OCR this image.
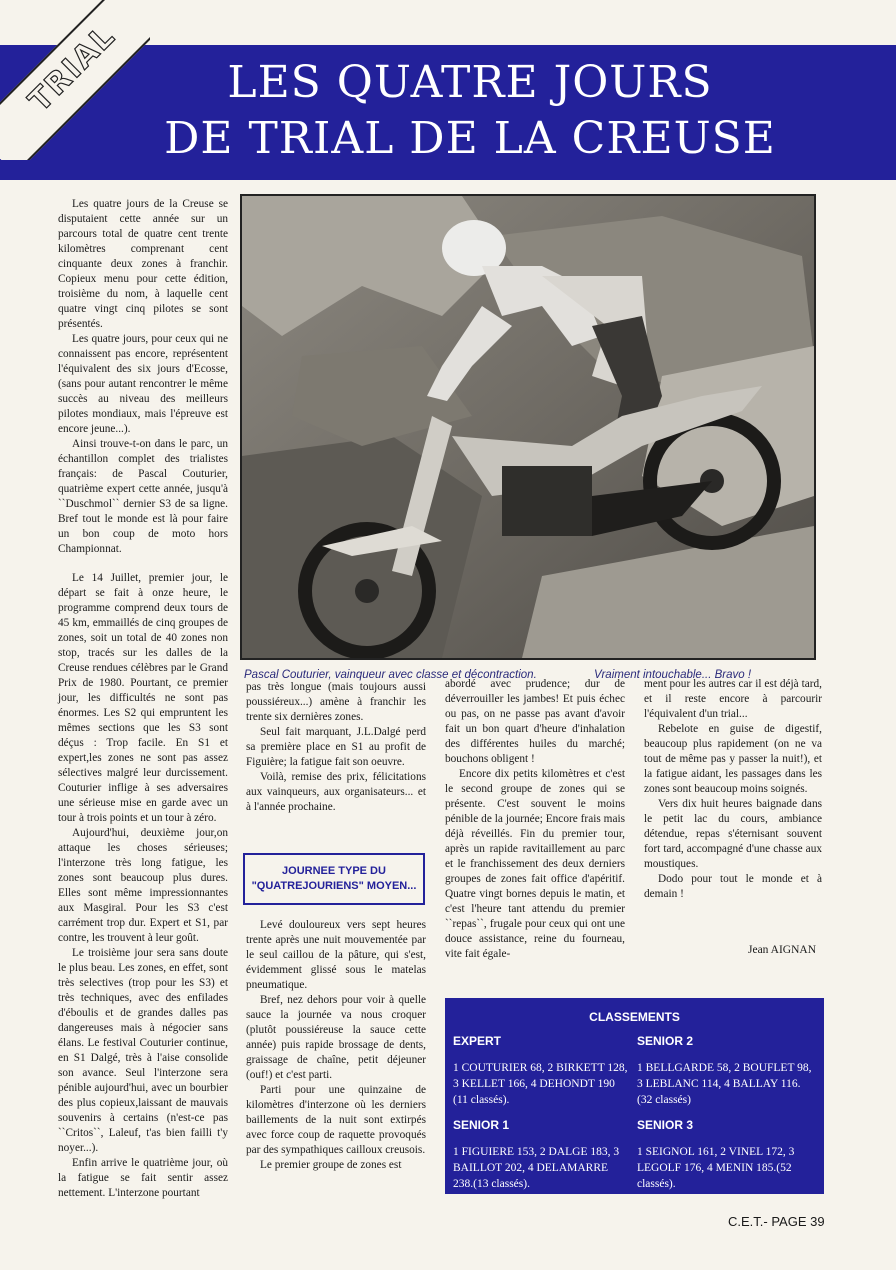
LES QUATRE JOURS
DE TRIAL DE LA CREUSE
TRIAL
Pascal Couturier, vainqueur avec classe et décontraction.	Vraiment intouchable... Bravo !

Les quatre jours de la Creuse se disputaient cette année sur un parcours total de quatre cent trente kilomètres comprenant cent cinquante deux zones à franchir. Copieux menu pour cette édition, troisième du nom, à laquelle cent quatre vingt cinq pilotes se sont présentés.

Les quatre jours, pour ceux qui ne connaissent pas encore, représentent l'équivalent des six jours d'Ecosse, (sans pour autant rencontrer le même succès au niveau des meilleurs pilotes mondiaux, mais l'épreuve est encore jeune...).

Ainsi trouve-t-on dans le parc, un échantillon complet des trialistes français: de Pascal Couturier, quatrième expert cette année, jusqu'à ``Duschmol`` dernier S3 de sa ligne. Bref tout le monde est là pour faire un bon coup de moto hors Championnat.

Le 14 Juillet, premier jour, le départ se fait à onze heure, le programme comprend deux tours de 45 km, emmaillés de cinq groupes de zones, soit un total de 40 zones non stop, tracés sur les dalles de la Creuse rendues célèbres par le Grand Prix de 1980. Pourtant, ce premier jour, les difficultés ne sont pas énormes. Les S2 qui empruntent les mêmes sections que les S3 sont déçus : Trop facile. En S1 et expert,les zones ne sont pas assez sélectives malgré leur durcissement. Couturier inflige à ses adversaires une sérieuse mise en garde avec un tour à trois points et un tour à zéro.

Aujourd'hui, deuxième jour,on attaque les choses sérieuses; l'interzone très long fatigue, les zones sont beaucoup plus dures. Elles sont même impressionnantes aux Masgiral. Pour les S3 c'est carrément trop dur. Expert et S1, par contre, les trouvent à leur goût.

Le troisième jour sera sans doute le plus beau. Les zones, en effet, sont très selectives (trop pour les S3) et très techniques, avec des enfilades d'éboulis et de grandes dalles pas dangereuses mais à négocier sans élans. Le festival Couturier continue, en S1 Dalgé, très à l'aise consolide son avance. Seul l'interzone sera pénible aujourd'hui, avec un bourbier des plus copieux,laissant de mauvais souvenirs à certains (n'est-ce pas ``Critos``, Laleuf, t'as bien failli t'y noyer...).

Enfin arrive le quatrième jour, où la fatigue se fait sentir assez nettement. L'interzone pourtant

pas très longue (mais toujours aussi poussiéreux...) amène à franchir les trente six dernières zones.

Seul fait marquant, J.L.Dalgé perd sa première place en S1 au profit de Figuière; la fatigue fait son oeuvre.

Voilà, remise des prix, félicitations aux vainqueurs, aux organisateurs... et à l'année prochaine.

JOURNEE TYPE DU
"QUATREJOURIENS" MOYEN...

Levé douloureux vers sept heures trente après une nuit mouvementée par le seul caillou de la pâture, qui s'est, évidemment glissé sous le matelas pneumatique.

Bref, nez dehors pour voir à quelle sauce la journée va nous croquer (plutôt poussiéreuse la sauce cette année) puis rapide brossage de dents, graissage de chaîne, petit déjeuner (ouf!) et c'est parti.

Parti pour une quinzaine de kilomètres d'interzone où les derniers baillements de la nuit sont extirpés avec force coup de raquette provoqués par des sympathiques cailloux creusois.

Le premier groupe de zones est

abordé avec prudence; dur de déverrouiller les jambes! Et puis échec ou pas, on ne passe pas avant d'avoir fait un bon quart d'heure d'inhalation des différentes huiles du marché; bouchons obligent !

Encore dix petits kilomètres et c'est le second groupe de zones qui se présente. C'est souvent le moins pénible de la journée; Encore frais mais déjà réveillés. Fin du premier tour, après un rapide ravitaillement au parc et le franchissement des deux derniers groupes de zones fait office d'apéritif. Quatre vingt bornes depuis le matin, et c'est l'heure tant attendu du premier ``repas``, frugale pour ceux qui ont une douce assistance, reine du fourneau, vite fait égale-

ment pour les autres car il est déjà tard, et il reste encore à parcourir l'équivalent d'un trial...

Rebelote en guise de digestif, beaucoup plus rapidement (on ne va tout de même pas y passer la nuit!), et la fatigue aidant, les passages dans les zones sont beaucoup moins soignés.

Vers dix huit heures baignade dans le petit lac du cours, ambiance détendue, repas s'éternisant souvent fort tard, accompagné d'une chasse aux moustiques.

Dodo pour tout le monde et à demain !

Jean AIGNAN
CLASSEMENTS
EXPERT
1 COUTURIER 68, 2 BIRKETT 128, 3 KELLET 166, 4 DEHONDT 190 (11 classés).
SENIOR 2
1 BELLGARDE 58, 2 BOUFLET 98, 3 LEBLANC 114, 4 BALLAY 116. (32 classés)
SENIOR 1
1 FIGUIERE 153, 2 DALGE 183, 3 BAILLOT 202, 4 DELAMARRE 238.(13 classés).
SENIOR 3
1 SEIGNOL 161, 2 VINEL 172, 3 LEGOLF 176, 4 MENIN 185.(52 classés).
C.E.T.- PAGE 39
